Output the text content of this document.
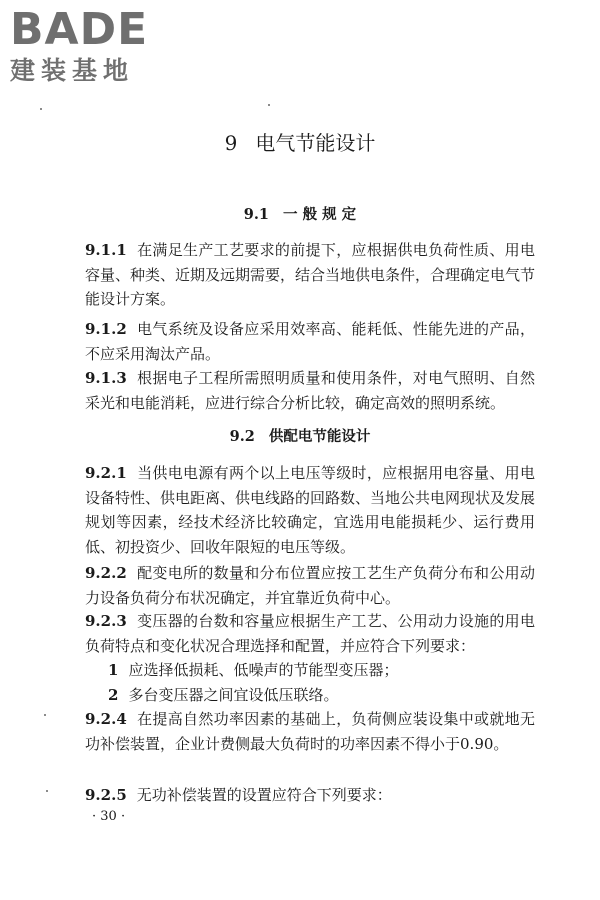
BADE
建装基地
9 电气节能设计
9.1 一 般 规 定
9.1.1 在满足生产工艺要求的前提下，应根据供电负荷性质、用电容量、种类、近期及远期需要，结合当地供电条件，合理确定电气节能设计方案。
9.1.2 电气系统及设备应采用效率高、能耗低、性能先进的产品，不应采用淘汰产品。
9.1.3 根据电子工程所需照明质量和使用条件，对电气照明、自然采光和电能消耗，应进行综合分析比较，确定高效的照明系统。
9.2 供配电节能设计
9.2.1 当供电电源有两个以上电压等级时，应根据用电容量、用电设备特性、供电距离、供电线路的回路数、当地公共电网现状及发展规划等因素，经技术经济比较确定，宜选用电能损耗少、运行费用低、初投资少、回收年限短的电压等级。
9.2.2 配变电所的数量和分布位置应按工艺生产负荷分布和公用动力设备负荷分布状况确定，并宜靠近负荷中心。
9.2.3 变压器的台数和容量应根据生产工艺、公用动力设施的用电负荷特点和变化状况合理选择和配置，并应符合下列要求：
1 应选择低损耗、低噪声的节能型变压器；
2 多台变压器之间宜设低压联络。
9.2.4 在提高自然功率因素的基础上，负荷侧应装设集中或就地无功补偿装置，企业计费侧最大负荷时的功率因素不得小于0.90。
9.2.5 无功补偿装置的设置应符合下列要求：
· 30 ·
